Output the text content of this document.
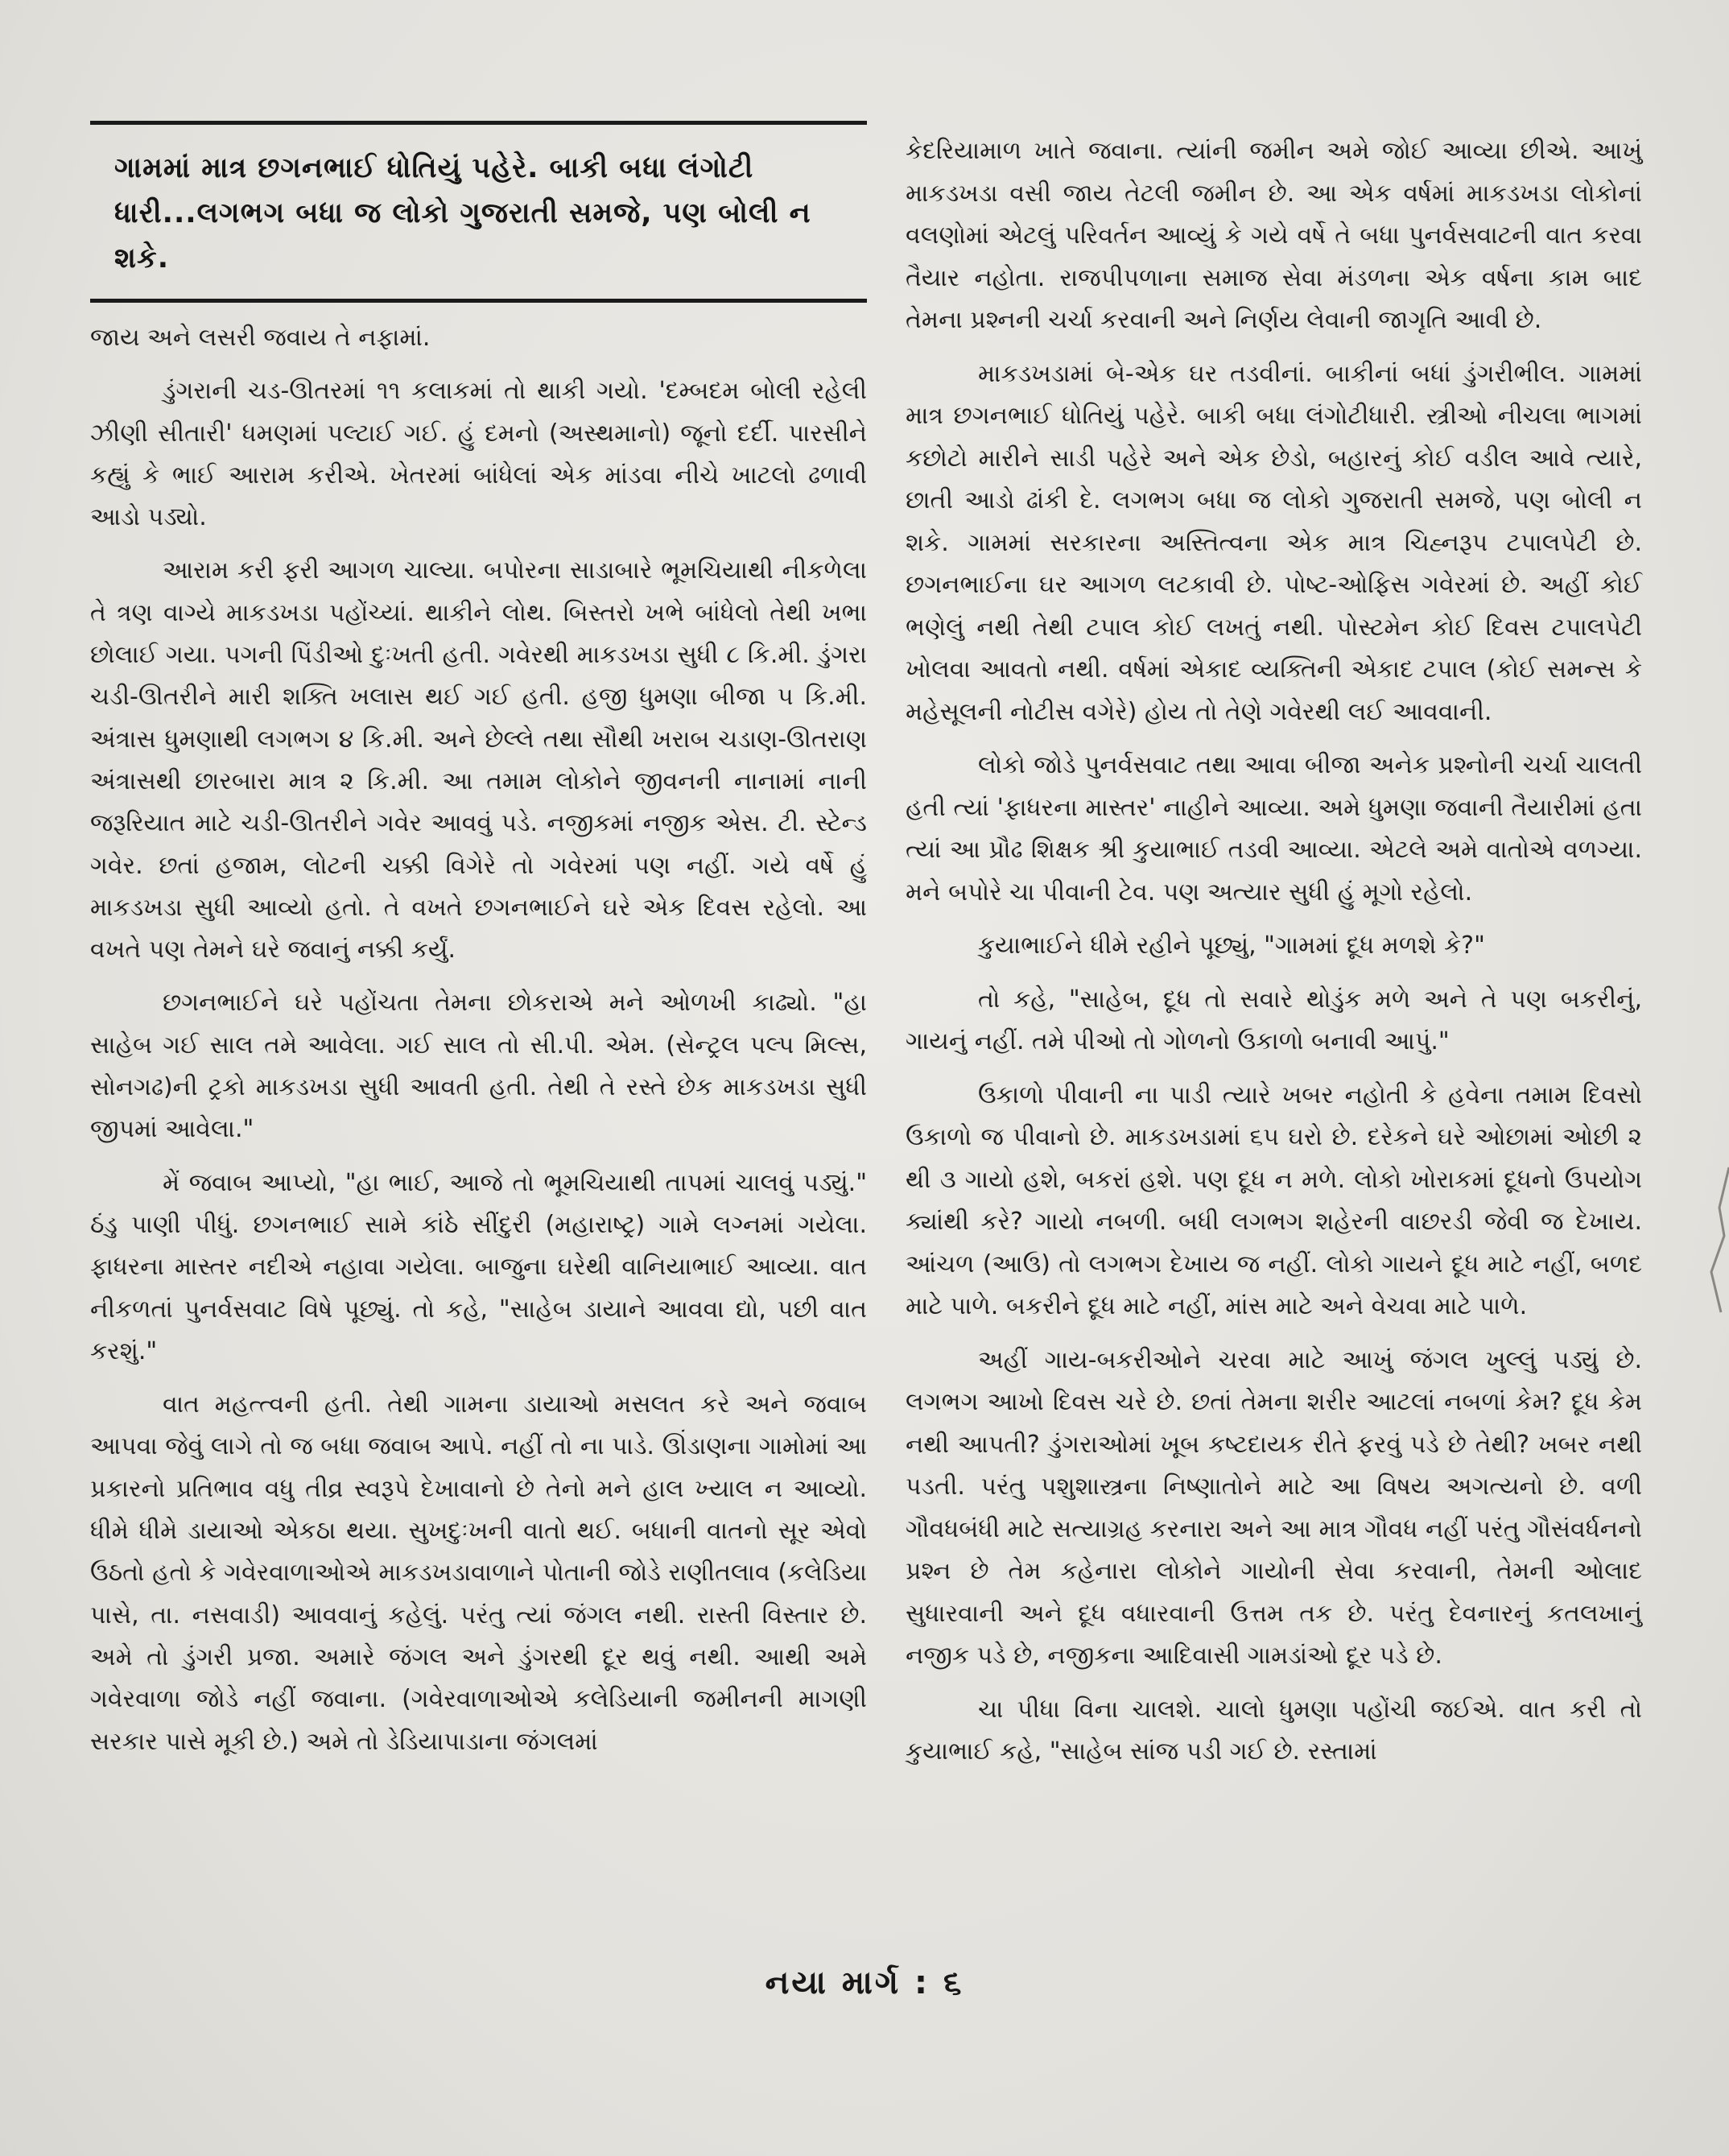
ગામમાં માત્ર છગનભાઈ ધોતિયું પહેરે. બાકી બધા લંગોટી ધારી...લગભગ બધા જ લોકો ગુજરાતી સમજે, પણ બોલી ન શકે.

જાય અને લસરી જવાય તે નફામાં.

ડુંગરાની ચડ-ઊતરમાં ૧૧ કલાકમાં તો થાકી ગયો. 'દમ્બદમ બોલી રહેલી ઝીણી સીતારી' ધમણમાં પલ્ટાઈ ગઈ. હું દમનો (અસ્થમાનો) જૂનો દર્દી. પારસીને કહ્યું કે ભાઈ આરામ કરીએ. ખેતરમાં બાંધેલાં એક માંડવા નીચે ખાટલો ઢળાવી આડો પડ્યો.

આરામ કરી ફરી આગળ ચાલ્યા. બપોરના સાડાબારે ભૂમચિયાથી નીકળેલા તે ત્રણ વાગ્યે માકડખડા પહોંચ્યાં. થાકીને લોથ. બિસ્તરો ખભે બાંધેલો તેથી ખભા છોલાઈ ગયા. પગની પિંડીઓ દુઃખતી હતી. ગવેરથી માકડખડા સુધી ૮ કિ.મી. ડુંગરા ચડી-ઊતરીને મારી શક્તિ ખલાસ થઈ ગઈ હતી. હજી ધુમણા બીજા ૫ કિ.મી. અંત્રાસ ધુમણાથી લગભગ ૪ કિ.મી. અને છેલ્લે તથા સૌથી ખરાબ ચડાણ-ઊતરાણ અંત્રાસથી છારબારા માત્ર ૨ કિ.મી. આ તમામ લોકોને જીવનની નાનામાં નાની જરૂરિયાત માટે ચડી-ઊતરીને ગવેર આવવું પડે. નજીકમાં નજીક એસ. ટી. સ્ટેન્ડ ગવેર. છતાં હજામ, લોટની ચક્કી વિગેરે તો ગવેરમાં પણ નહીં. ગયે વર્ષે હું માકડખડા સુધી આવ્યો હતો. તે વખતે છગનભાઈને ઘરે એક દિવસ રહેલો. આ વખતે પણ તેમને ઘરે જવાનું નક્કી કર્યું.

છગનભાઈને ઘરે પહોંચતા તેમના છોકરાએ મને ઓળખી કાઢ્યો. "હા સાહેબ ગઈ સાલ તમે આવેલા. ગઈ સાલ તો સી.પી. એમ. (સેન્ટ્રલ પલ્પ મિલ્સ, સોનગઢ)ની ટ્રકો માકડખડા સુધી આવતી હતી. તેથી તે રસ્તે છેક માકડખડા સુધી જીપમાં આવેલા."

મેં જવાબ આપ્યો, "હા ભાઈ, આજે તો ભૂમચિયાથી તાપમાં ચાલવું પડ્યું." ઠંડુ પાણી પીધું. છગનભાઈ સામે કાંઠે સીંદુરી (મહારાષ્ટ્ર) ગામે લગ્નમાં ગયેલા. ફાધરના માસ્તર નદીએ નહાવા ગયેલા. બાજુના ઘરેથી વાનિયાભાઈ આવ્યા. વાત નીકળતાં પુનર્વસવાટ વિષે પૂછ્યું. તો કહે, "સાહેબ ડાયાને આવવા દ્યો, પછી વાત કરશું."

વાત મહત્ત્વની હતી. તેથી ગામના ડાયાઓ મસલત કરે અને જવાબ આપવા જેવું લાગે તો જ બધા જવાબ આપે. નહીં તો ના પાડે. ઊંડાણના ગામોમાં આ પ્રકારનો પ્રતિભાવ વધુ તીવ્ર સ્વરૂપે દેખાવાનો છે તેનો મને હાલ ખ્યાલ ન આવ્યો. ધીમે ધીમે ડાયાઓ એકઠા થયા. સુખદુઃખની વાતો થઈ. બધાની વાતનો સૂર એવો ઉઠતો હતો કે ગવેરવાળાઓએ માકડખડાવાળાને પોતાની જોડે રાણીતલાવ (કલેડિયા પાસે, તા. નસવાડી) આવવાનું કહેલું. પરંતુ ત્યાં જંગલ નથી. રાસ્તી વિસ્તાર છે. અમે તો ડુંગરી પ્રજા. અમારે જંગલ અને ડુંગરથી દૂર થવું નથી. આથી અમે ગવેરવાળા જોડે નહીં જવાના. (ગવેરવાળાઓએ કલેડિયાની જમીનની માગણી સરકાર પાસે મૂકી છે.) અમે તો ડેડિયાપાડાના જંગલમાં

કેદરિયામાળ ખાતે જવાના. ત્યાંની જમીન અમે જોઈ આવ્યા છીએ. આખું માકડખડા વસી જાય તેટલી જમીન છે. આ એક વર્ષમાં માકડખડા લોકોનાં વલણોમાં એટલું પરિવર્તન આવ્યું કે ગયે વર્ષે તે બધા પુનર્વસવાટની વાત કરવા તૈયાર નહોતા. રાજપીપળાના સમાજ સેવા મંડળના એક વર્ષના કામ બાદ તેમના પ્રશ્નની ચર્ચા કરવાની અને નિર્ણય લેવાની જાગૃતિ આવી છે.

માકડખડામાં બે-એક ઘર તડવીનાં. બાકીનાં બધાં ડુંગરીભીલ. ગામમાં માત્ર છગનભાઈ ધોતિયું પહેરે. બાકી બધા લંગોટીધારી. સ્ત્રીઓ નીચલા ભાગમાં કછોટો મારીને સાડી પહેરે અને એક છેડો, બહારનું કોઈ વડીલ આવે ત્યારે, છાતી આડો ઢાંકી દે. લગભગ બધા જ લોકો ગુજરાતી સમજે, પણ બોલી ન શકે. ગામમાં સરકારના અસ્તિત્વના એક માત્ર ચિહ્નરૂપ ટપાલપેટી છે. છગનભાઈના ઘર આગળ લટકાવી છે. પોષ્ટ-ઓફિસ ગવેરમાં છે. અહીં કોઈ ભણેલું નથી તેથી ટપાલ કોઈ લખતું નથી. પોસ્ટમેન કોઈ દિવસ ટપાલપેટી ખોલવા આવતો નથી. વર્ષમાં એકાદ વ્યક્તિની એકાદ ટપાલ (કોઈ સમન્સ કે મહેસૂલની નોટીસ વગેરે) હોય તો તેણે ગવેરથી લઈ આવવાની.

લોકો જોડે પુનર્વસવાટ તથા આવા બીજા અનેક પ્રશ્નોની ચર્ચા ચાલતી હતી ત્યાં 'ફાધરના માસ્તર' નાહીને આવ્યા. અમે ધુમણા જવાની તૈયારીમાં હતા ત્યાં આ પ્રૌઢ શિક્ષક શ્રી કુયાભાઈ તડવી આવ્યા. એટલે અમે વાતોએ વળગ્યા. મને બપોરે ચા પીવાની ટેવ. પણ અત્યાર સુધી હું મૂગો રહેલો.

કુયાભાઈને ધીમે રહીને પૂછ્યું, "ગામમાં દૂધ મળશે કે?"

તો કહે, "સાહેબ, દૂધ તો સવારે થોડુંક મળે અને તે પણ બકરીનું, ગાયનું નહીં. તમે પીઓ તો ગોળનો ઉકાળો બનાવી આપું."

ઉકાળો પીવાની ના પાડી ત્યારે ખબર નહોતી કે હવેના તમામ દિવસો ઉકાળો જ પીવાનો છે. માકડખડામાં ૬૫ ઘરો છે. દરેકને ઘરે ઓછામાં ઓછી ૨ થી ૩ ગાયો હશે, બકરાં હશે. પણ દૂધ ન મળે. લોકો ખોરાકમાં દૂધનો ઉપયોગ ક્યાંથી કરે? ગાયો નબળી. બધી લગભગ શહેરની વાછરડી જેવી જ દેખાય. આંચળ (આઉ) તો લગભગ દેખાય જ નહીં. લોકો ગાયને દૂધ માટે નહીં, બળદ માટે પાળે. બકરીને દૂધ માટે નહીં, માંસ માટે અને વેચવા માટે પાળે.

અહીં ગાય-બકરીઓને ચરવા માટે આખું જંગલ ખુલ્લું પડ્યું છે. લગભગ આખો દિવસ ચરે છે. છતાં તેમના શરીર આટલાં નબળાં કેમ? દૂધ કેમ નથી આપતી? ડુંગરાઓમાં ખૂબ કષ્ટદાયક રીતે ફરવું પડે છે તેથી? ખબર નથી પડતી. પરંતુ પશુશાસ્ત્રના નિષ્ણાતોને માટે આ વિષય અગત્યનો છે. વળી ગૌવધબંધી માટે સત્યાગ્રહ કરનારા અને આ માત્ર ગૌવધ નહીં પરંતુ ગૌસંવર્ધનનો પ્રશ્ન છે તેમ કહેનારા લોકોને ગાયોની સેવા કરવાની, તેમની ઓલાદ સુધારવાની અને દૂધ વધારવાની ઉત્તમ તક છે. પરંતુ દેવનારનું કતલખાનું નજીક પડે છે, નજીકના આદિવાસી ગામડાંઓ દૂર પડે છે.

ચા પીધા વિના ચાલશે. ચાલો ધુમણા પહોંચી જઈએ. વાત કરી તો કુયાભાઈ કહે, "સાહેબ સાંજ પડી ગઈ છે. રસ્તામાં

નયા માર્ગ : ૬
